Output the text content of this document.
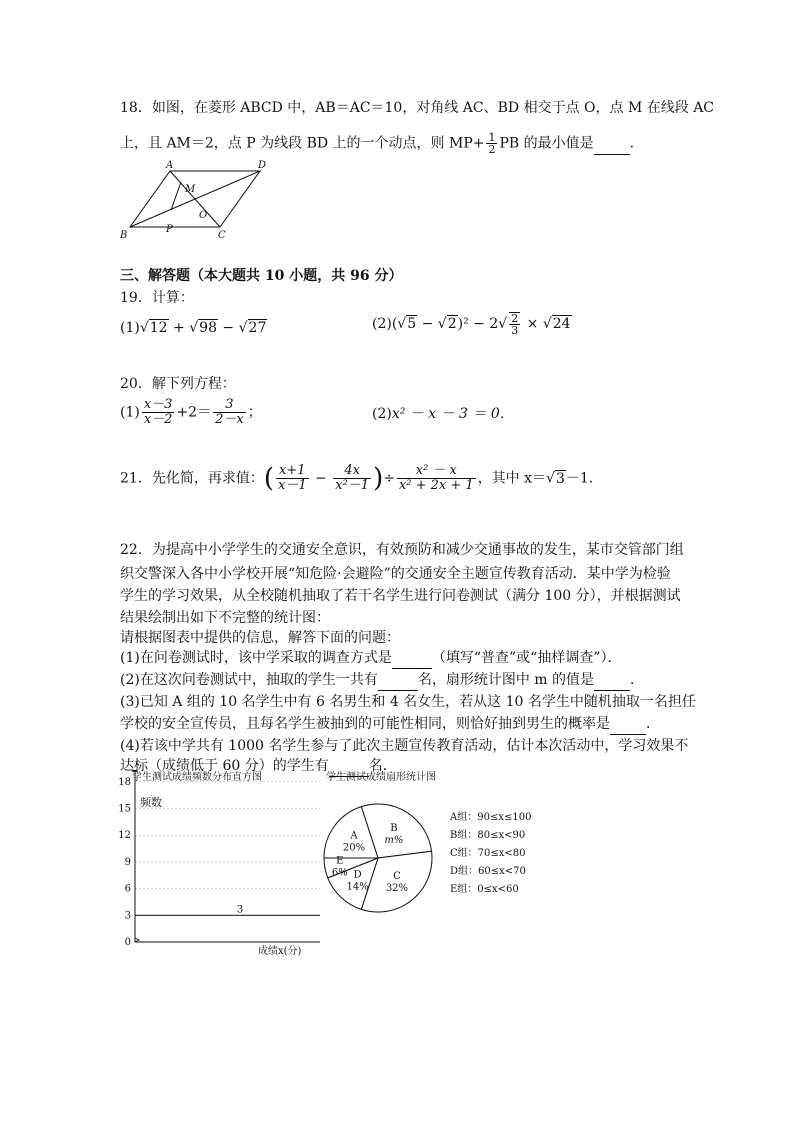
18．如图，在菱形 ABCD 中，AB＝AC＝10，对角线 AC、BD 相交于点 O，点 M 在线段 AC
上，且 AM＝2，点 P 为线段 BD 上的一个动点，则 $MP+ \frac{1}{2}$ PB 的最小值是	．
A	D
M
O
P
B	C
三、解答题（本大题共 10 小题，共 96 分）
19．计算：
(1)√12 + √98 − √27	$(2)(√5 - √2)^2 - 2√ \frac{2}{3} \times √24$
20．解下列方程：
$(1) \frac{x-3}{x-2} +2= \frac{3}{2-x}$ ；	(2)x² － x － 3 ＝ 0．
21．先化简，再求值：( $\frac{x+1}{x-1} - \frac{4x}{\text{x²－1}}$ )÷ $\frac{\text{x² － x}}{\text{x² + 2x + 1}}$ ，其中 x＝√3－1．
22．为提高中小学学生的交通安全意识，有效预防和减少交通事故的发生，某市交管部门组
织交警深入各中小学校开展“知危险·会避险”的交通安全主题宣传教育活动．某中学为检验
学生的学习效果，从全校随机抽取了若干名学生进行问卷测试（满分 100 分），并根据测试
结果绘制出如下不完整的统计图：
请根据图表中提供的信息，解答下面的问题：
(1)在问卷测试时，该中学采取的调查方式是	（填写“普查”或“抽样调查”）．
(2)在这次问卷测试中，抽取的学生一共有	名，扇形统计图中 m 的值是	．
(3)已知 A 组的 10 名学生中有 6 名男生和 4 名女生，若从这 10 名学生中随机抽取一名担任
学校的安全宣传员，且每名学生被抽到的可能性相同，则恰好抽到男生的概率是	．
(4)若该中学共有 1000 名学生参与了此次主题宣传教育活动，估计本次活动中，学习效果不
达标（成绩低于 60 分）的学生有	名．
学生测试成绩频数分布直方图
频数
成绩x(分)
0
3
6
9
12
15
18
3
学生测试成绩扇形统计图
B
m%
C
32%
D
14%
E
6%
A
20%
A组：90≤x≤100
B组：80≤x<90
C组：70≤x<80
D组：60≤x<70
E组：0≤x<60
